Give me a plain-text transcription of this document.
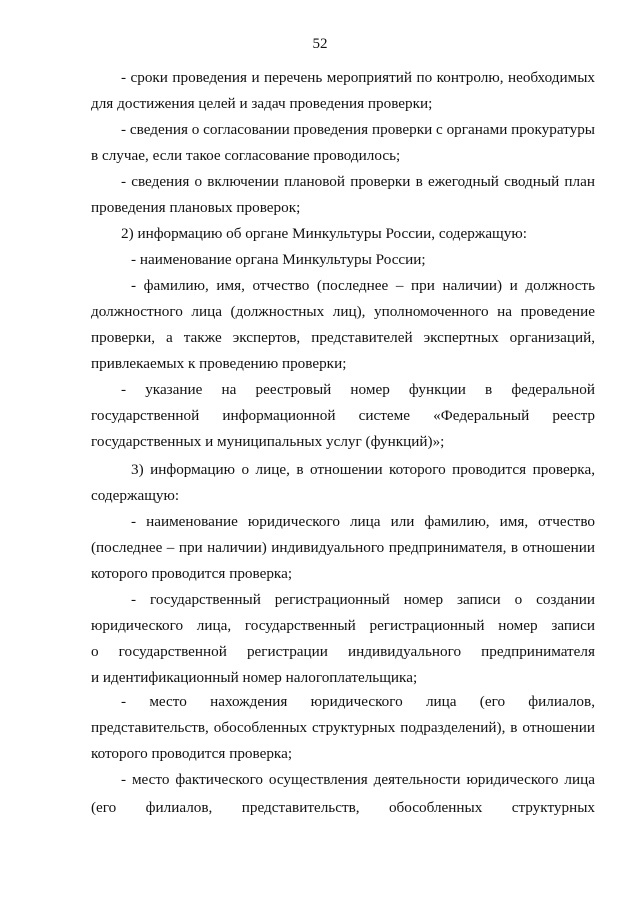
52
- сроки проведения и перечень мероприятий по контролю, необходимых
для достижения целей и задач проведения проверки;
- сведения о согласовании проведения проверки с органами прокуратуры
в случае, если такое согласование проводилось;
- сведения о включении плановой проверки в ежегодный сводный план
проведения плановых проверок;
2) информацию об органе Минкультуры России, содержащую:
- наименование органа Минкультуры России;
- фамилию, имя, отчество (последнее – при наличии) и должность
должностного лица (должностных лиц), уполномоченного на проведение
проверки, а также экспертов, представителей экспертных организаций,
привлекаемых к проведению проверки;
- указание на реестровый номер функции в федеральной
государственной информационной системе «Федеральный реестр
государственных и муниципальных услуг (функций)»;
3) информацию о лице, в отношении которого проводится проверка,
содержащую:
- наименование юридического лица или фамилию, имя, отчество
(последнее – при наличии) индивидуального предпринимателя, в отношении
которого проводится проверка;
- государственный регистрационный номер записи о создании
юридического лица, государственный регистрационный номер записи
о государственной регистрации индивидуального предпринимателя
и идентификационный номер налогоплательщика;
- место нахождения юридического лица (его филиалов,
представительств, обособленных структурных подразделений), в отношении
которого проводится проверка;
- место фактического осуществления деятельности юридического лица
(его филиалов, представительств, обособленных структурных
